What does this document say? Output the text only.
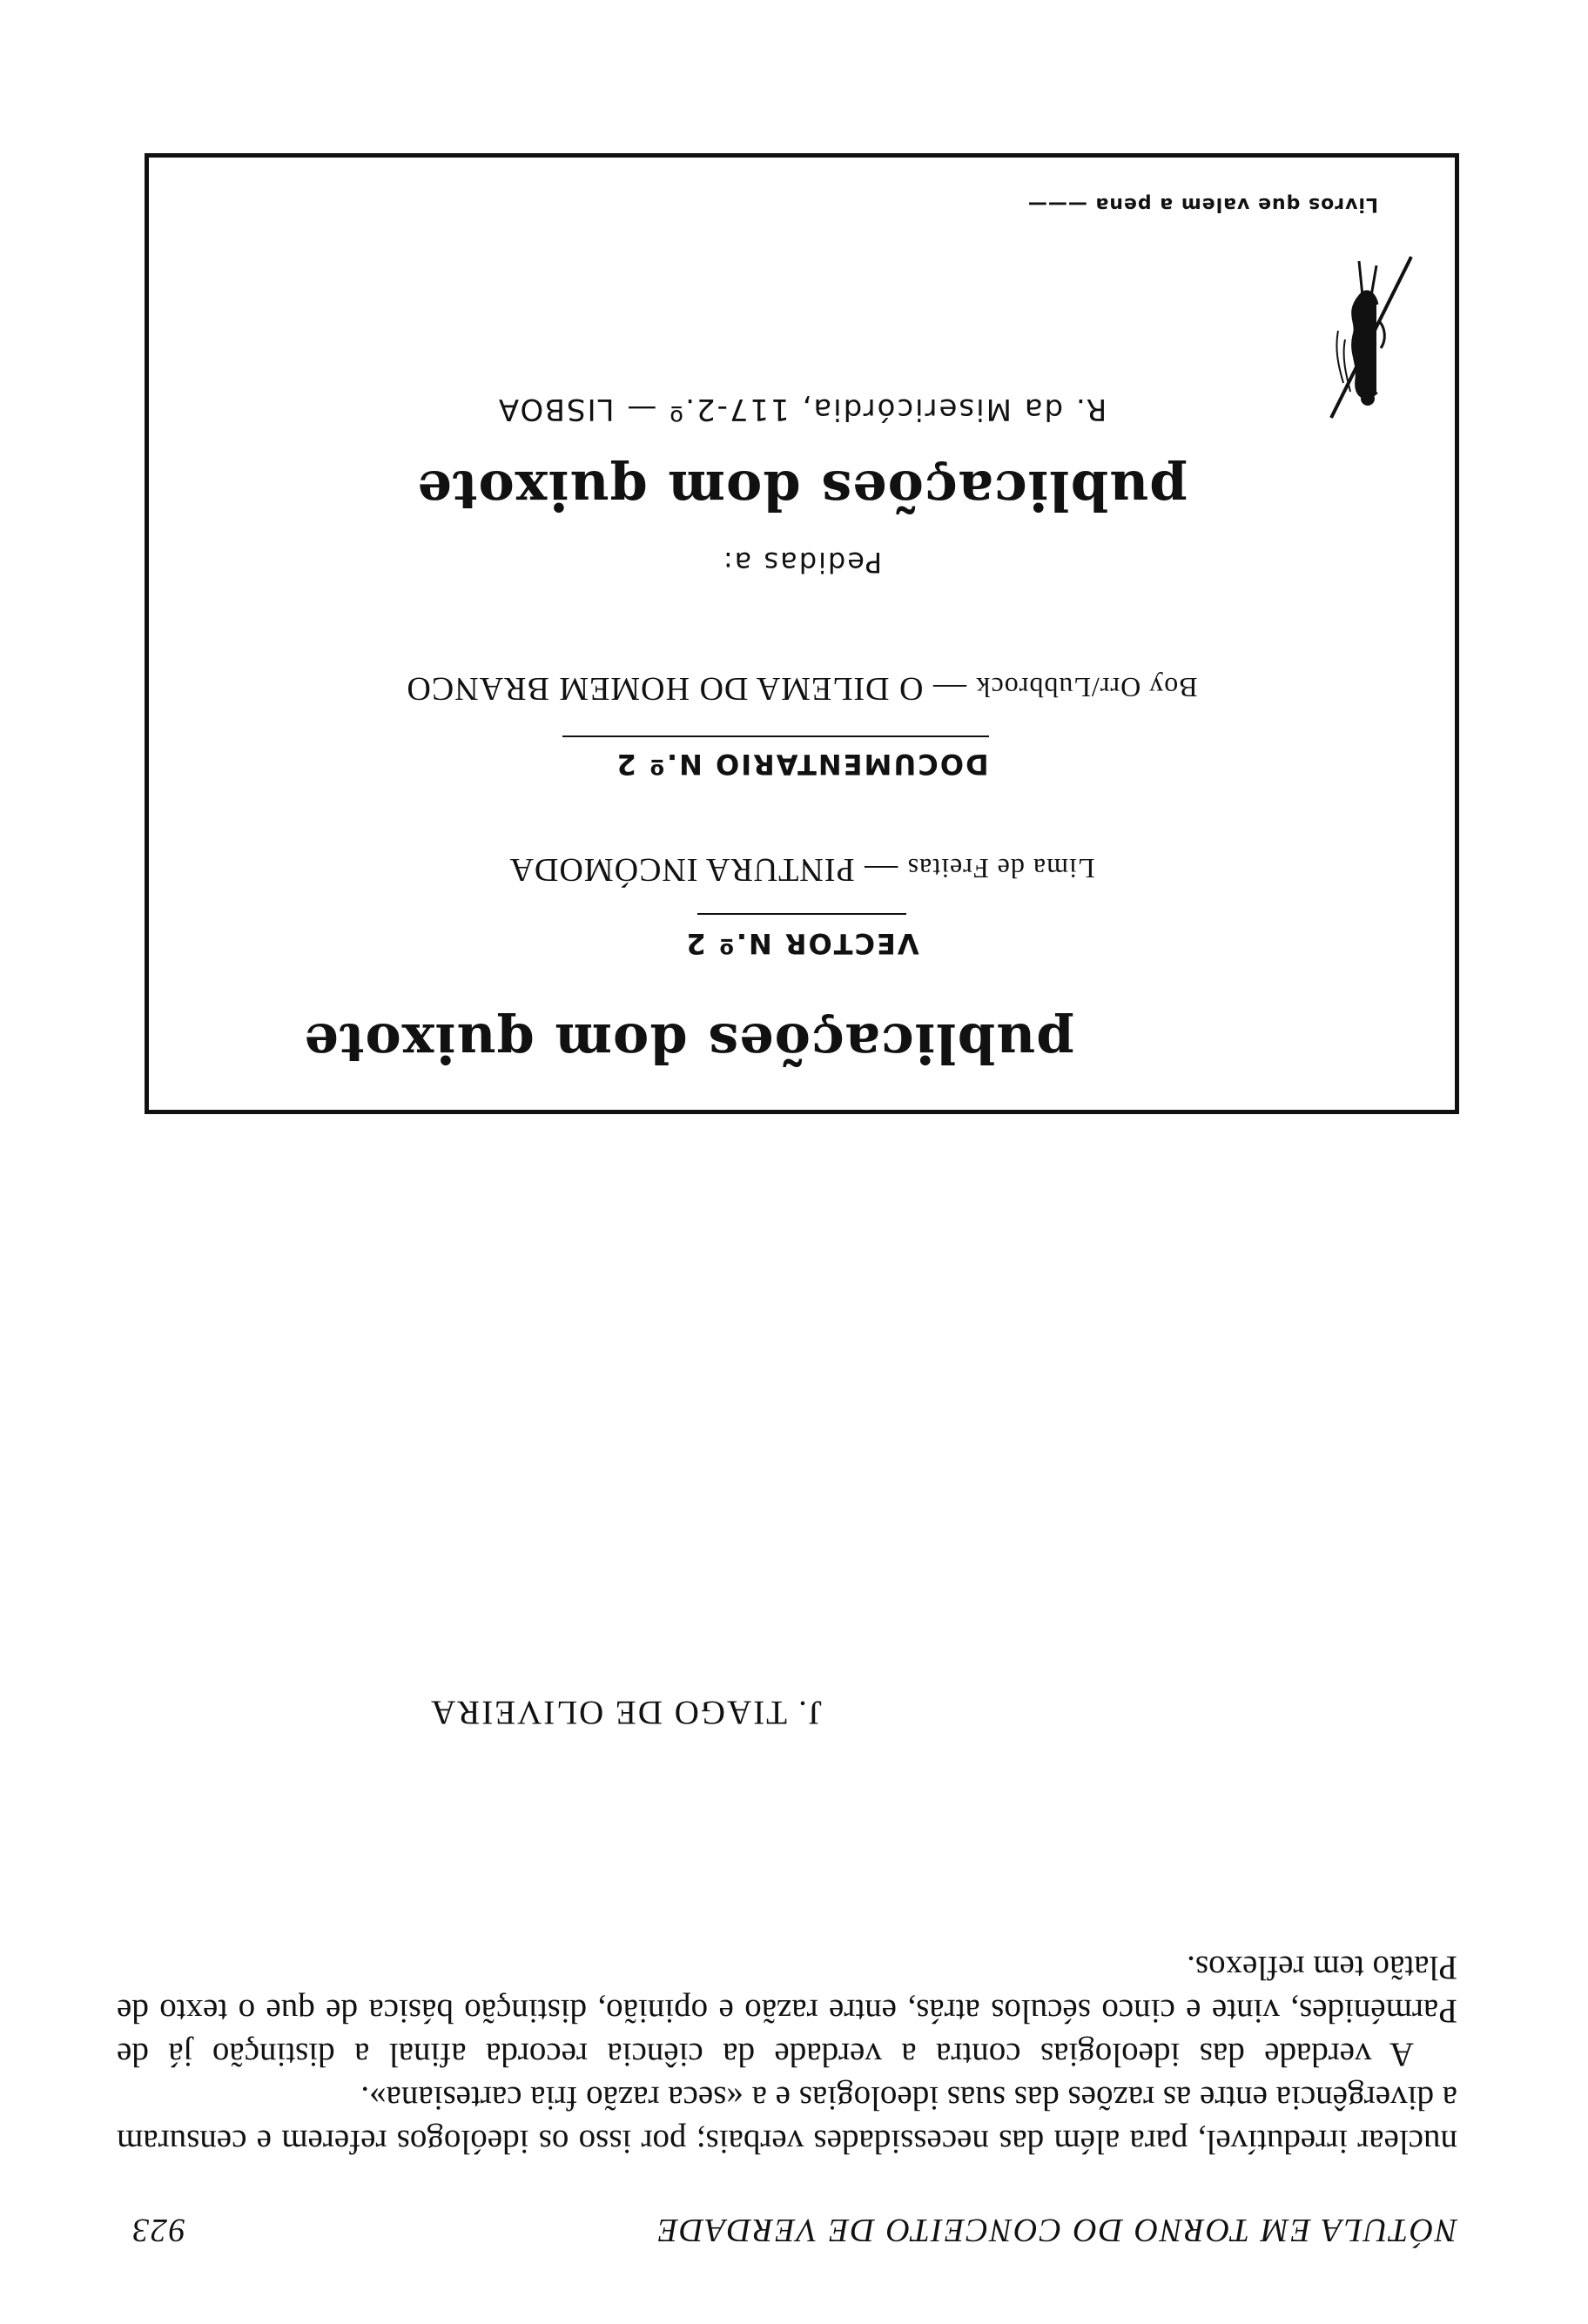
NÓTULA EM TORNO DO CONCEITO DE VERDADE
923

nuclear irredutível, para além das necessidades verbais; por isso os ideólogos referem e censuram a divergência entre as razões das suas ideologias e a «seca razão fria cartesiana».

A verdade das ideologias contra a verdade da ciência recorda afinal a distinção já de Parménides, vinte e cinco séculos atrás, entre razão e opinião, distinção básica de que o texto de Platão tem reflexos.

J. TIAGO DE OLIVEIRA
publicações dom quixote
VECTOR N.º 2
Lima de Freitas — PINTURA INCÓMODA
DOCUMENTARIO N.º 2
Boy Orr/Lubbrock — O DILEMA DO HOMEM BRANCO
Pedidas a:
publicações dom quixote
R. da Misericórdia, 117-2.º — LISBOA
Livros que valem a pena ———
